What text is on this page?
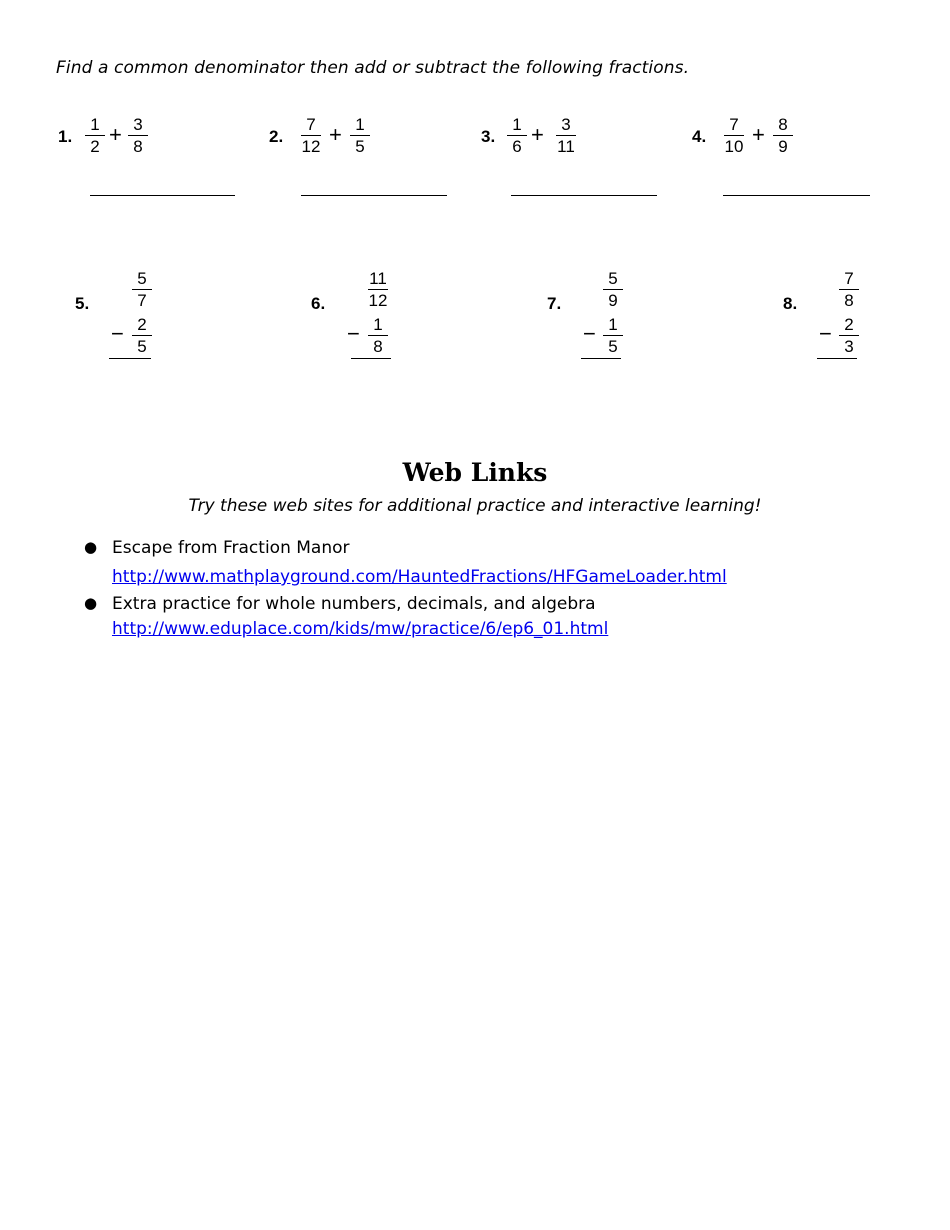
Find a common denominator then add or subtract the following fractions.
1.
1
2 + 3
8
2.
7
12 + 1
5
3.
1
6 +	3
11
4.
7
10 + 8
9
5.
5
7
− 2
5
6.
11
12
− 1
8
7.
5
9
− 1
5
8.
7
8
− 2
3
Web Links
Try these web sites for additional practice and interactive learning!
● Escape from Fraction Manor
http://www.mathplayground.com/HauntedFractions/HFGameLoader.html
● Extra practice for whole numbers, decimals, and algebra
http://www.eduplace.com/kids/mw/practice/6/ep6_01.html
